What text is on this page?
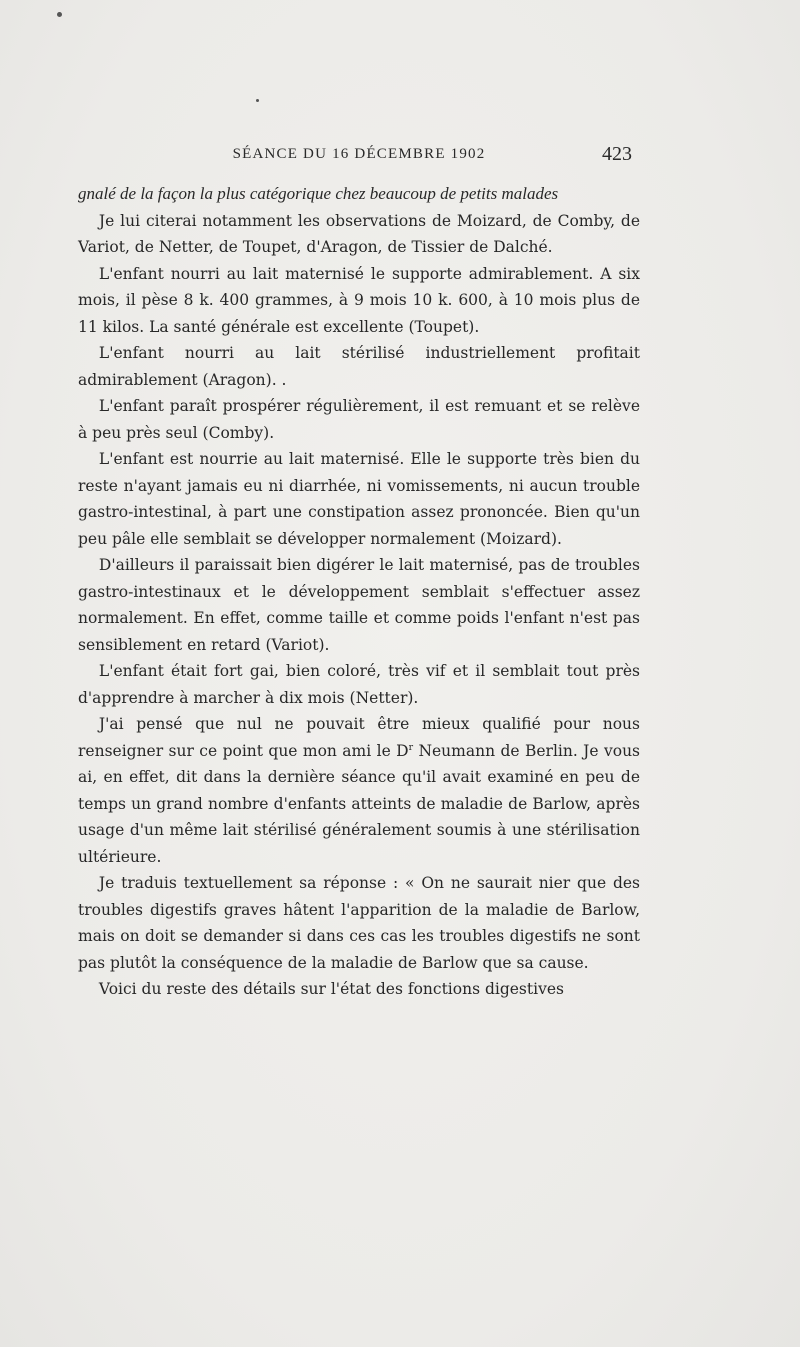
SÉANCE DU 16 DÉCEMBRE 1902	423

gnalé de la façon la plus catégorique chez beaucoup de petits malades

Je lui citerai notamment les observations de Moizard, de Comby, de Variot, de Netter, de Toupet, d'Aragon, de Tissier de Dalché.

L'enfant nourri au lait maternisé le supporte admirablement. A six mois, il pèse 8 k. 400 grammes, à 9 mois 10 k. 600, à 10 mois plus de 11 kilos. La santé générale est excellente (Toupet).

L'enfant nourri au lait stérilisé industriellement profitait admirablement (Aragon). .

L'enfant paraît prospérer régulièrement, il est remuant et se relève à peu près seul (Comby).

L'enfant est nourrie au lait maternisé. Elle le supporte très bien du reste n'ayant jamais eu ni diarrhée, ni vomissements, ni aucun trouble gastro-intestinal, à part une constipation assez prononcée. Bien qu'un peu pâle elle semblait se développer normalement (Moizard).

D'ailleurs il paraissait bien digérer le lait maternisé, pas de troubles gastro-intestinaux et le développement semblait s'effectuer assez normalement. En effet, comme taille et comme poids l'enfant n'est pas sensiblement en retard (Variot).

L'enfant était fort gai, bien coloré, très vif et il semblait tout près d'apprendre à marcher à dix mois (Netter).

J'ai pensé que nul ne pouvait être mieux qualifié pour nous renseigner sur ce point que mon ami le $D^r$ Neumann de Berlin. Je vous ai, en effet, dit dans la dernière séance qu'il avait examiné en peu de temps un grand nombre d'enfants atteints de maladie de Barlow, après usage d'un même lait stérilisé généralement soumis à une stérilisation ultérieure.

Je traduis textuellement sa réponse : « On ne saurait nier que des troubles digestifs graves hâtent l'apparition de la maladie de Barlow, mais on doit se demander si dans ces cas les troubles digestifs ne sont pas plutôt la conséquence de la maladie de Barlow que sa cause.

Voici du reste des détails sur l'état des fonctions digestives
